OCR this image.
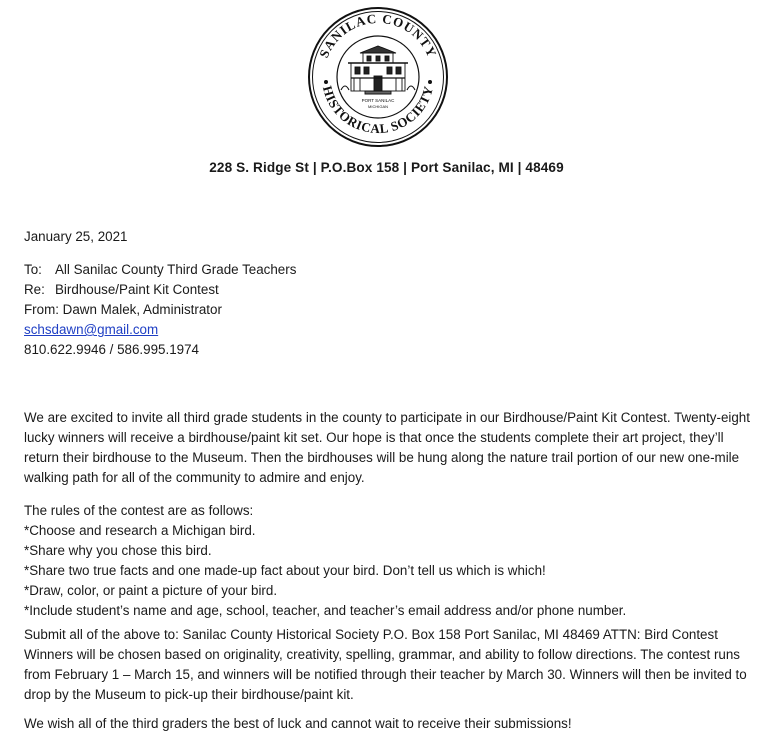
SANILAC COUNTY
HISTORICAL SOCIETY
PORT SANILAC
MICHIGAN
228 S. Ridge St | P.O.Box 158 | Port Sanilac, MI | 48469
January 25, 2021
To: All Sanilac County Third Grade Teachers
Re: Birdhouse/Paint Kit Contest
From: Dawn Malek, Administrator
schsdawn@gmail.com
810.622.9946 / 586.995.1974

We are excited to invite all third grade students in the county to participate in our Birdhouse/Paint Kit Contest. Twenty-eight lucky winners will receive a birdhouse/paint kit set. Our hope is that once the students complete their art project, they’ll return their birdhouse to the Museum. Then the birdhouses will be hung along the nature trail portion of our new one-mile walking path for all of the community to admire and enjoy.

The rules of the contest are as follows:
*Choose and research a Michigan bird.
*Share why you chose this bird.
*Share two true facts and one made-up fact about your bird. Don’t tell us which is which!
*Draw, color, or paint a picture of your bird.
*Include student’s name and age, school, teacher, and teacher’s email address and/or phone number.

Submit all of the above to: Sanilac County Historical Society P.O. Box 158 Port Sanilac, MI 48469 ATTN: Bird Contest Winners will be chosen based on originality, creativity, spelling, grammar, and ability to follow directions. The contest runs from February 1 – March 15, and winners will be notified through their teacher by March 30. Winners will then be invited to drop by the Museum to pick-up their birdhouse/paint kit.

We wish all of the third graders the best of luck and cannot wait to receive their submissions!
